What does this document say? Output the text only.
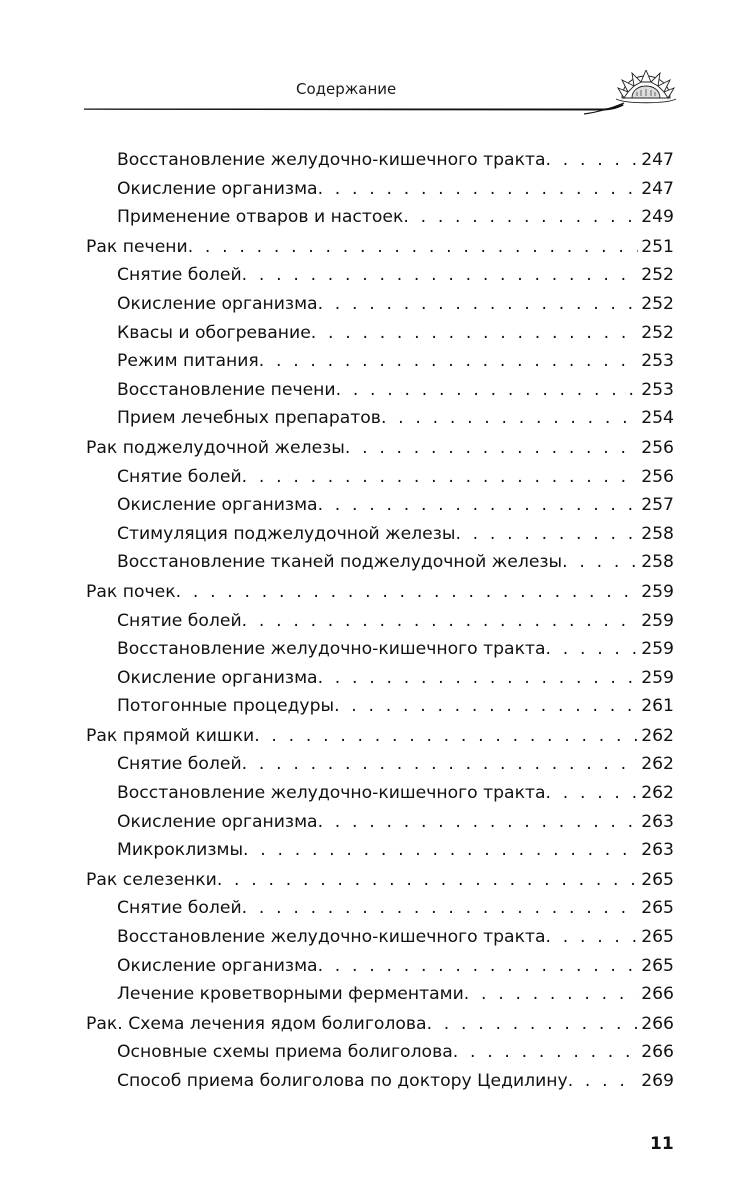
Содержание
Восстановление желудочно-кишечного тракта . . .	247
Окисление организма . . .	247
Применение отваров и настоек . . .	249
Рак печени . . .	251
Снятие болей . . .	252
Окисление организма . . .	252
Квасы и обогревание . . .	252
Режим питания . . .	253
Восстановление печени . . .	253
Прием лечебных препаратов . . .	254
Рак поджелудочной железы . . .	256
Снятие болей . . .	256
Окисление организма . . .	257
Стимуляция поджелудочной железы . . .	258
Восстановление тканей поджелудочной железы . . .	258
Рак почек . . .	259
Снятие болей . . .	259
Восстановление желудочно-кишечного тракта . . .	259
Окисление организма . . .	259
Потогонные процедуры . . .	261
Рак прямой кишки . . .	262
Снятие болей . . .	262
Восстановление желудочно-кишечного тракта . . .	262
Окисление организма . . .	263
Микроклизмы . . .	263
Рак селезенки . . .	265
Снятие болей . . .	265
Восстановление желудочно-кишечного тракта . . .	265
Окисление организма . . .	265
Лечение кроветворными ферментами . . .	266
Рак. Схема лечения ядом болиголова . . .	266
Основные схемы приема болиголова . . .	266
Способ приема болиголова по доктору Цедилину . . .	269
11
